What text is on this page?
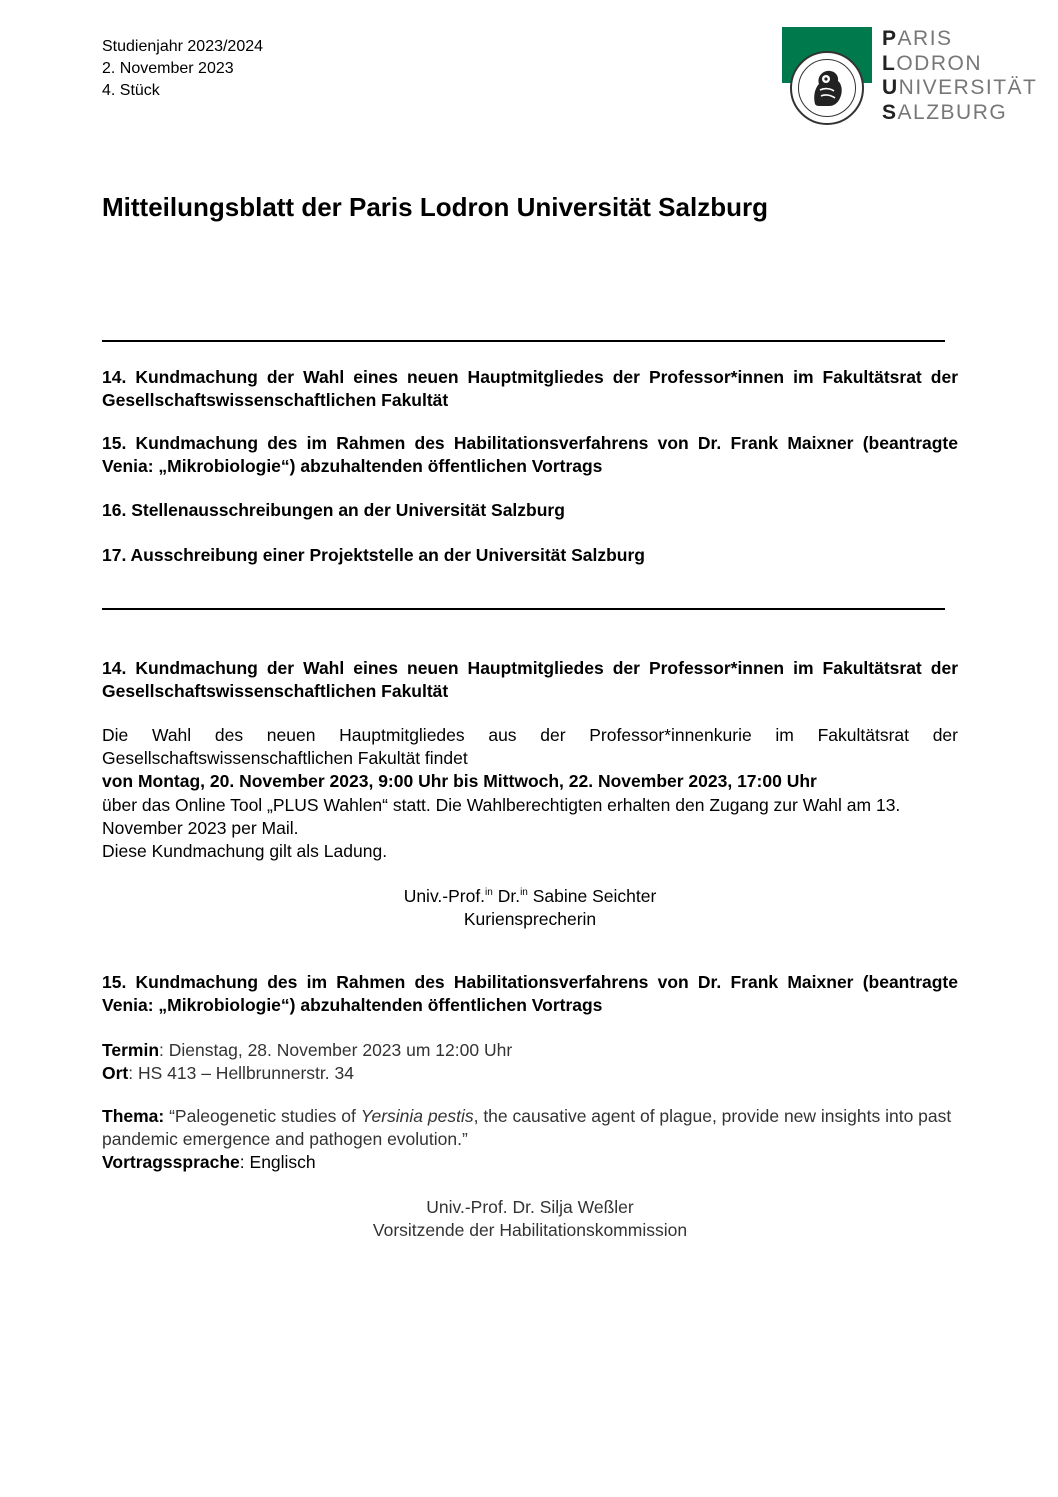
Studienjahr 2023/2024
2. November 2023
4. Stück
PARIS
LODRON
UNIVERSITÄT
SALZBURG
Mitteilungsblatt der Paris Lodron Universität Salzburg

14. Kundmachung der Wahl eines neuen Hauptmitgliedes der Professor*innen im Fakultätsrat der Gesellschaftswissenschaftlichen Fakultät

15. Kundmachung des im Rahmen des Habilitationsverfahrens von Dr. Frank Maixner (beantragte Venia: „Mikrobiologie“) abzuhaltenden öffentlichen Vortrags

16. Stellenausschreibungen an der Universität Salzburg

17. Ausschreibung einer Projektstelle an der Universität Salzburg

14. Kundmachung der Wahl eines neuen Hauptmitgliedes der Professor*innen im Fakultätsrat der Gesellschaftswissenschaftlichen Fakultät

Die Wahl des neuen Hauptmitgliedes aus der Professor*innenkurie im Fakultätsrat der Gesellschaftswissenschaftlichen Fakultät findet
von Montag, 20. November 2023, 9:00 Uhr bis Mittwoch, 22. November 2023, 17:00 Uhr
über das Online Tool „PLUS Wahlen“ statt. Die Wahlberechtigten erhalten den Zugang zur Wahl am 13. November 2023 per Mail.
Diese Kundmachung gilt als Ladung.
Univ.-Prof.$^{in}$ Dr.$^{in}$ Sabine Seichter
Kuriensprecherin

15. Kundmachung des im Rahmen des Habilitationsverfahrens von Dr. Frank Maixner (beantragte Venia: „Mikrobiologie“) abzuhaltenden öffentlichen Vortrags

Termin: Dienstag, 28. November 2023 um 12:00 Uhr
Ort: HS 413 – Hellbrunnerstr. 34
Thema: “Paleogenetic studies of Yersinia pestis, the causative agent of plague, provide new insights into past pandemic emergence and pathogen evolution.”
Vortragssprache: Englisch
Univ.-Prof. Dr. Silja Weßler
Vorsitzende der Habilitationskommission
